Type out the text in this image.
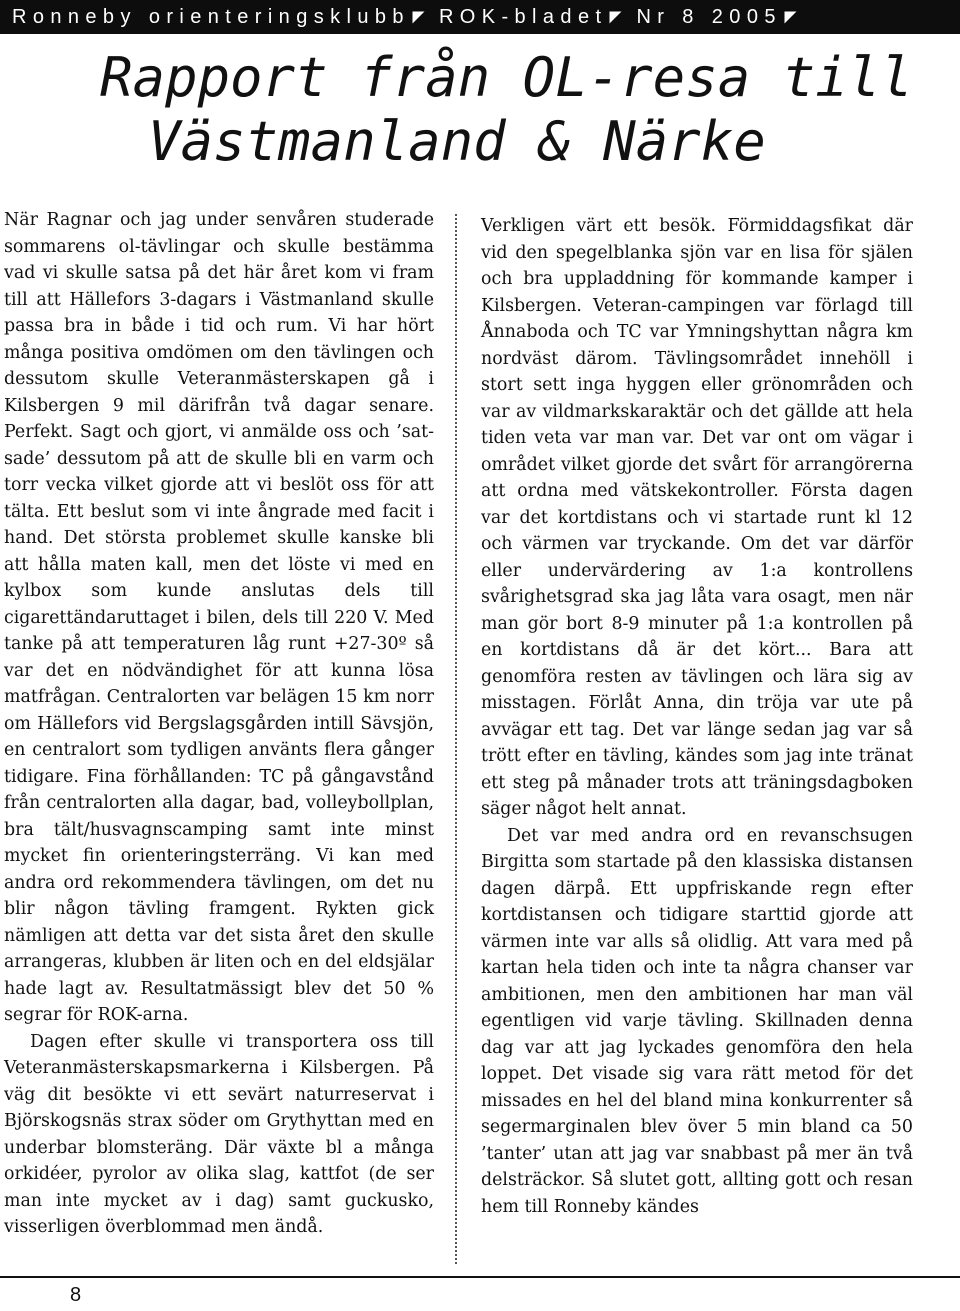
Ronneby orienteringsklubb ROK-bladet Nr 8 2005
Rapport från OL-resa till
Västmanland & Närke

När Ragnar och jag under senvåren studerade sommarens ol-tävlingar och skulle bestämma vad vi skulle satsa på det här året kom vi fram till att Hällefors 3-dagars i Västmanland skulle passa bra in både i tid och rum. Vi har hört många positiva omdömen om den tävlingen och dessutom skulle Veteranmästerskapen gå i Kilsbergen 9 mil därifrån två dagar senare. Perfekt. Sagt och gjort, vi anmälde oss och ’satsade’ dessutom på att de skulle bli en varm och torr vecka vilket gjorde att vi beslöt oss för att tälta. Ett beslut som vi inte ångrade med facit i hand. Det största problemet skulle kanske bli att hålla maten kall, men det löste vi med en kylbox som kunde anslutas dels till cigarettändaruttaget i bilen, dels till 220 V. Med tanke på att temperaturen låg runt +27-30º så var det en nödvändighet för att kunna lösa matfrågan. Centralorten var belägen 15 km norr om Hällefors vid Bergslagsgården intill Sävsjön, en centralort som tydligen använts flera gånger tidigare. Fina förhållanden: TC på gångavstånd från centralorten alla dagar, bad, volleybollplan, bra tält/husvagnscamping samt inte minst mycket fin orienteringsterräng. Vi kan med andra ord rekommendera tävlingen, om det nu blir någon tävling framgent. Rykten gick nämligen att detta var det sista året den skulle arrangeras, klubben är liten och en del eldsjälar hade lagt av. Resultatmässigt blev det 50 % segrar för ROK-arna.

Dagen efter skulle vi transportera oss till Veteranmästerskapsmarkerna i Kilsbergen. På väg dit besökte vi ett sevärt naturreservat i Björskogsnäs strax söder om Grythyttan med en underbar blomsteräng. Där växte bl a många orkidéer, pyrolor av olika slag, kattfot (de ser man inte mycket av i dag) samt guckusko, visserligen överblommad men ändå.

Verkligen värt ett besök. Förmiddagsfikat där vid den spegelblanka sjön var en lisa för själen och bra uppladdning för kommande kamper i Kilsbergen. Veteran-campingen var förlagd till Ånnaboda och TC var Ymningshyttan några km nordväst därom. Tävlingsområdet innehöll i stort sett inga hyggen eller grönområden och var av vildmarkskaraktär och det gällde att hela tiden veta var man var. Det var ont om vägar i området vilket gjorde det svårt för arrangörerna att ordna med vätskekontroller. Första dagen var det kortdistans och vi startade runt kl 12 och värmen var tryckande. Om det var därför eller undervärdering av 1:a kontrollens svårighetsgrad ska jag låta vara osagt, men när man gör bort 8-9 minuter på 1:a kontrollen på en kortdistans då är det kört... Bara att genomföra resten av tävlingen och lära sig av misstagen. Förlåt Anna, din tröja var ute på avvägar ett tag. Det var länge sedan jag var så trött efter en tävling, kändes som jag inte tränat ett steg på månader trots att träningsdagboken säger något helt annat.

Det var med andra ord en revanschsugen Birgitta som startade på den klassiska distansen dagen därpå. Ett uppfriskande regn efter kortdistansen och tidigare starttid gjorde att värmen inte var alls så olidlig. Att vara med på kartan hela tiden och inte ta några chanser var ambitionen, men den ambitionen har man väl egentligen vid varje tävling. Skillnaden denna dag var att jag lyckades genomföra den hela loppet. Det visade sig vara rätt metod för det missades en hel del bland mina konkurrenter så segermarginalen blev över 5 min bland ca 50 ’tanter’ utan att jag var snabbast på mer än två delsträckor. Så slutet gott, allting gott och resan hem till Ronneby kändes

8
